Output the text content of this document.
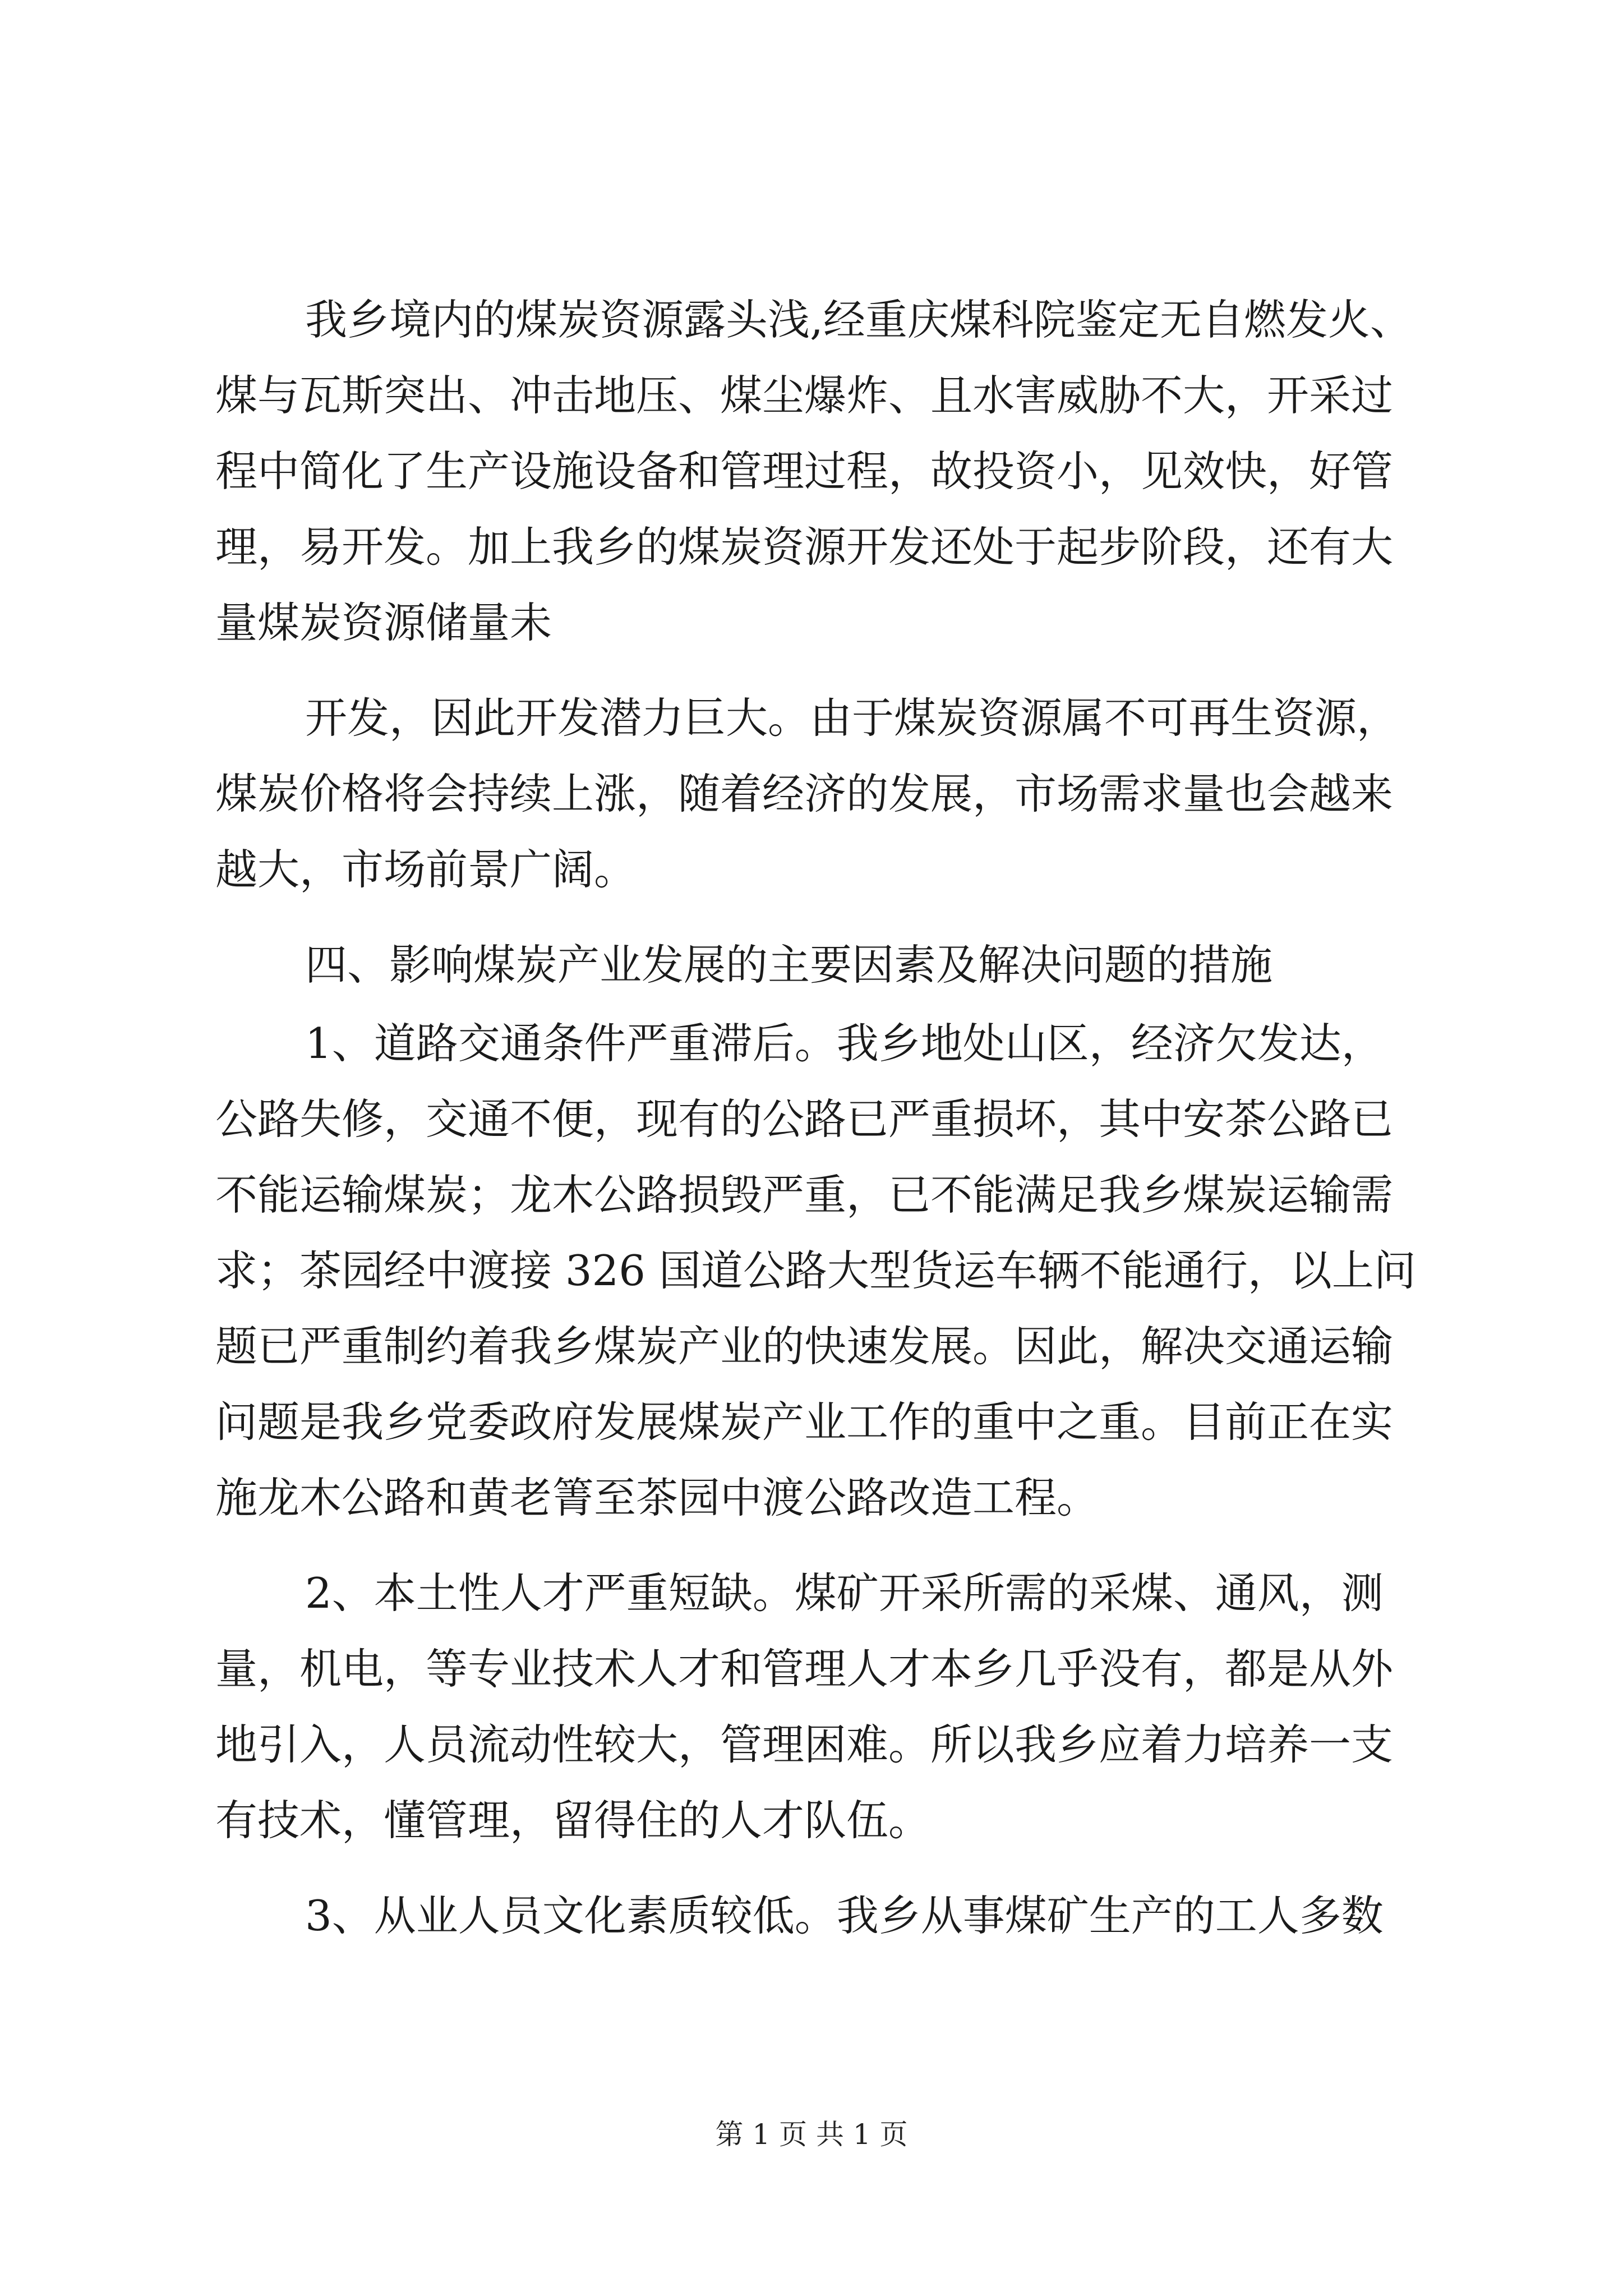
我乡境内的煤炭资源露头浅,经重庆煤科院鉴定无自燃发火、
煤与瓦斯突出、冲击地压、煤尘爆炸、且水害威胁不大，开采过
程中简化了生产设施设备和管理过程，故投资小，见效快，好管
理，易开发。加上我乡的煤炭资源开发还处于起步阶段，还有大
量煤炭资源储量未
开发，因此开发潜力巨大。由于煤炭资源属不可再生资源，
煤炭价格将会持续上涨，随着经济的发展，市场需求量也会越来
越大，市场前景广阔。
四、影响煤炭产业发展的主要因素及解决问题的措施
1、道路交通条件严重滞后。我乡地处山区，经济欠发达，
公路失修，交通不便，现有的公路已严重损坏，其中安茶公路已
不能运输煤炭；龙木公路损毁严重，已不能满足我乡煤炭运输需
求；茶园经中渡接 326 国道公路大型货运车辆不能通行，以上问
题已严重制约着我乡煤炭产业的快速发展。因此，解决交通运输
问题是我乡党委政府发展煤炭产业工作的重中之重。目前正在实
施龙木公路和黄老箐至茶园中渡公路改造工程。
2、本土性人才严重短缺。煤矿开采所需的采煤、通风，测
量，机电，等专业技术人才和管理人才本乡几乎没有，都是从外
地引入，人员流动性较大，管理困难。所以我乡应着力培养一支
有技术，懂管理，留得住的人才队伍。
3、从业人员文化素质较低。我乡从事煤矿生产的工人多数
第 1 页 共 1 页
